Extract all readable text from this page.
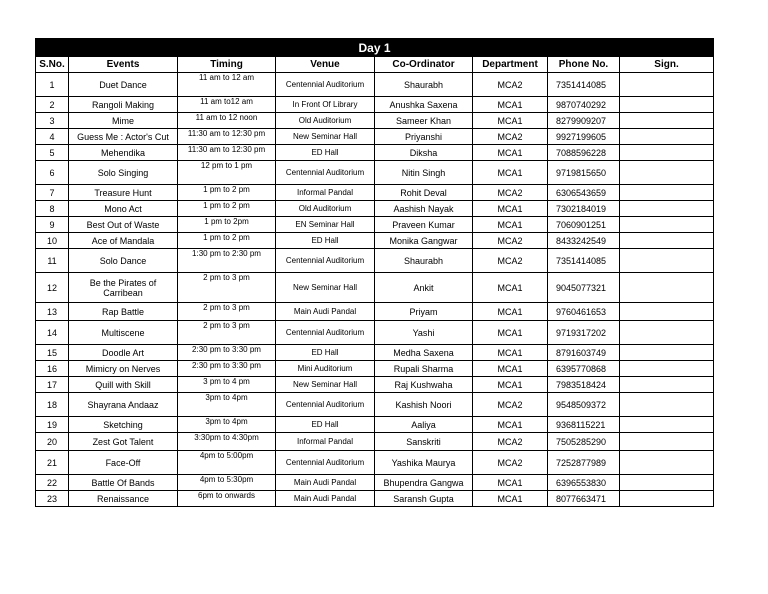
Day 1							
S.No.	Events	Timing	Venue	Co-Ordinator	Department	Phone No.	Sign.
1	Duet Dance	11 am to 12 am	Centennial Auditorium	Shaurabh	MCA2	7351414085	
2	Rangoli Making	11 am to12 am	In Front Of Library	Anushka Saxena	MCA1	9870740292	
3	Mime	11 am to 12 noon	Old Auditorium	Sameer Khan	MCA1	8279909207	
4	Guess Me : Actor's Cut	11:30 am to 12:30 pm	New Seminar Hall	Priyanshi	MCA2	9927199605	
5	Mehendika	11:30 am to 12:30 pm	ED Hall	Diksha	MCA1	7088596228	
6	Solo Singing	12 pm to 1 pm	Centennial Auditorium	Nitin Singh	MCA1	9719815650	
7	Treasure Hunt	1 pm to 2 pm	Informal Pandal	Rohit Deval	MCA2	6306543659	
8	Mono Act	1 pm to 2 pm	Old Auditorium	Aashish Nayak	MCA1	7302184019	
9	Best Out of Waste	1 pm to 2pm	EN Seminar Hall	Praveen Kumar	MCA1	7060901251	
10	Ace of Mandala	1 pm to 2 pm	ED Hall	Monika Gangwar	MCA2	8433242549	
11	Solo Dance	1:30 pm to 2:30 pm	Centennial Auditorium	Shaurabh	MCA2	7351414085	
12	Be the Pirates of Carribean	2 pm to 3 pm	New Seminar Hall	Ankit	MCA1	9045077321	
13	Rap Battle	2 pm to 3 pm	Main Audi Pandal	Priyam	MCA1	9760461653	
14	Multiscene	2 pm to 3 pm	Centennial Auditorium	Yashi	MCA1	9719317202	
15	Doodle Art	2:30 pm to 3:30 pm	ED Hall	Medha Saxena	MCA1	8791603749	
16	Mimicry on Nerves	2:30 pm to 3:30 pm	Mini Auditorium	Rupali Sharma	MCA1	6395770868	
17	Quill with Skill	3 pm to 4 pm	New Seminar Hall	Raj Kushwaha	MCA1	7983518424	
18	Shayrana Andaaz	3pm to 4pm	Centennial Auditorium	Kashish Noori	MCA2	9548509372	
19	Sketching	3pm to 4pm	ED Hall	Aaliya	MCA1	9368115221	
20	Zest Got Talent	3:30pm to 4:30pm	Informal Pandal	Sanskriti	MCA2	7505285290	
21	Face-Off	4pm to 5:00pm	Centennial Auditorium	Yashika Maurya	MCA2	7252877989	
22	Battle Of Bands	4pm to 5:30pm	Main Audi Pandal	Bhupendra Gangwa	MCA1	6396553830	
23	Renaissance	6pm to onwards	Main Audi Pandal	Saransh Gupta	MCA1	8077663471	
